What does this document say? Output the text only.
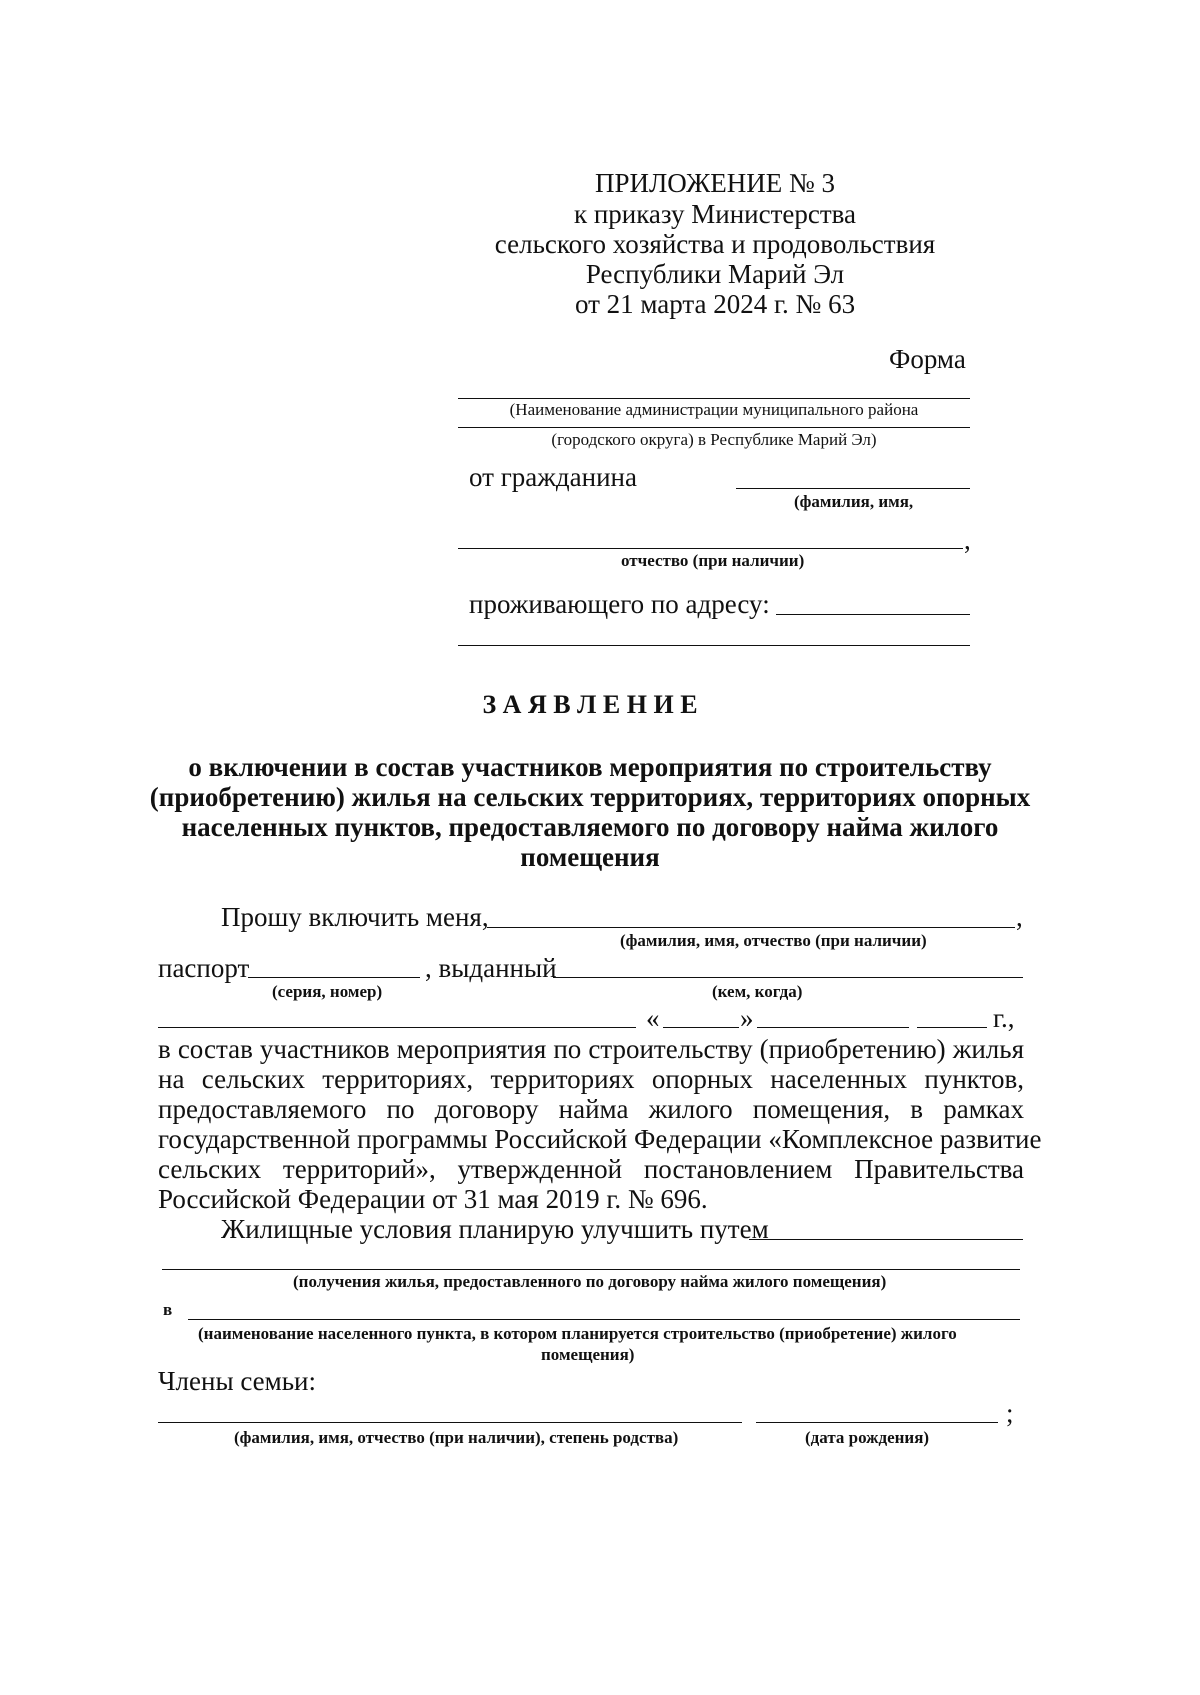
ПРИЛОЖЕНИЕ № 3
к приказу Министерства
сельского хозяйства и продовольствия
Республики Марий Эл
от 21 марта 2024 г. № 63
Форма
(Наименование администрации муниципального района
(городского округа) в Республике Марий Эл)
от гражданина
(фамилия, имя,
,
отчество (при наличии)
проживающего по адресу:
З А Я В Л Е Н И Е
о включении в состав участников мероприятия по строительству
(приобретению) жилья на сельских территориях, территориях опорных
населенных пунктов, предоставляемого по договору найма жилого
помещения
Прошу включить меня,	,
(фамилия, имя, отчество (при наличии)
паспорт	, выданный
(серия, номер)	(кем, когда)
«	»	г.,
в состав участников мероприятия по строительству (приобретению) жилья
на сельских территориях, территориях опорных населенных пунктов,
предоставляемого по договору найма жилого помещения, в рамках
государственной программы Российской Федерации «Комплексное развитие
сельских территорий», утвержденной постановлением Правительства
Российской Федерации от 31 мая 2019 г. № 696.
Жилищные условия планирую улучшить путем
(получения жилья, предоставленного по договору найма жилого помещения)
в
(наименование населенного пункта, в котором планируется строительство (приобретение) жилого
помещения)
Члены семьи:
;
(фамилия, имя, отчество (при наличии), степень родства)	(дата рождения)
